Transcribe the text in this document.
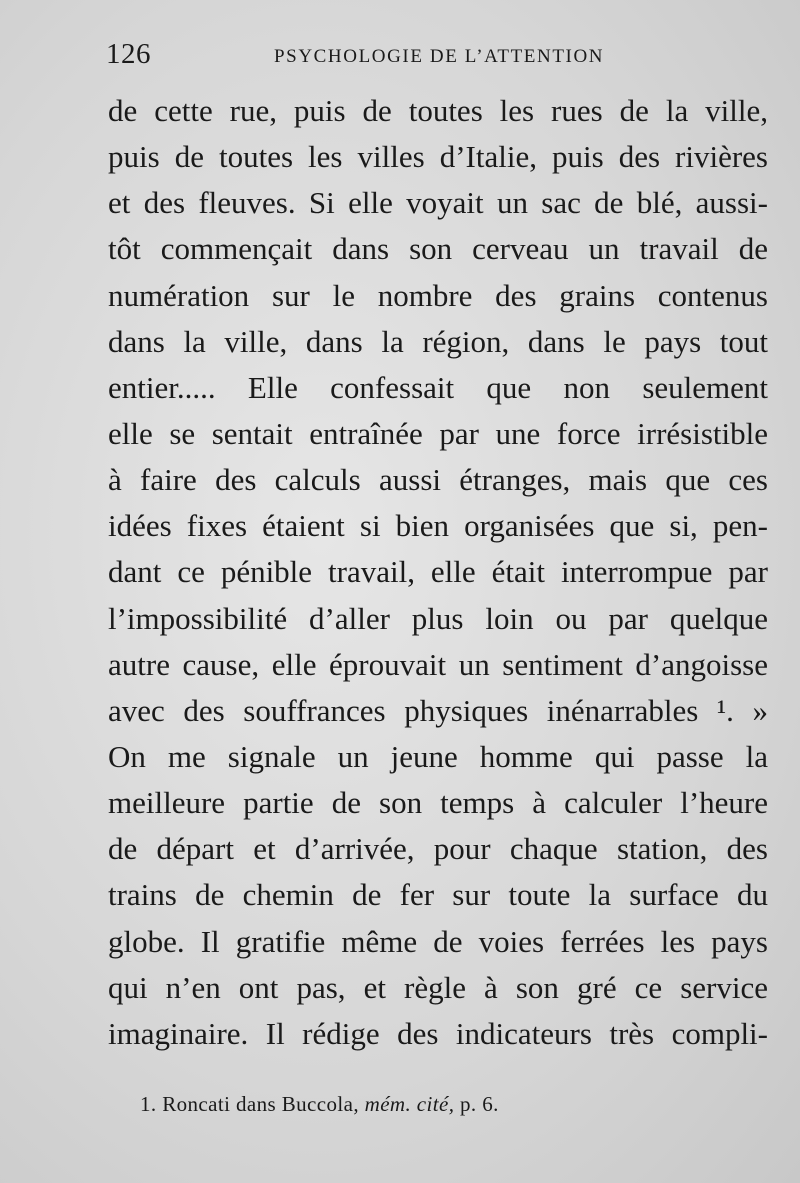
126	PSYCHOLOGIE DE L’ATTENTION
de cette rue, puis de toutes les rues de la ville,
puis de toutes les villes d’Italie, puis des rivières
et des fleuves. Si elle voyait un sac de blé, aussi-
tôt commençait dans son cerveau un travail de
numération sur le nombre des grains contenus
dans la ville, dans la région, dans le pays tout
entier..... Elle confessait que non seulement
elle se sentait entraînée par une force irrésistible
à faire des calculs aussi étranges, mais que ces
idées fixes étaient si bien organisées que si, pen-
dant ce pénible travail, elle était interrompue par
l’impossibilité d’aller plus loin ou par quelque
autre cause, elle éprouvait un sentiment d’angoisse
avec des souffrances physiques inénarrables ¹. »
On me signale un jeune homme qui passe la
meilleure partie de son temps à calculer l’heure
de départ et d’arrivée, pour chaque station, des
trains de chemin de fer sur toute la surface du
globe. Il gratifie même de voies ferrées les pays
qui n’en ont pas, et règle à son gré ce service
imaginaire. Il rédige des indicateurs très compli-
1. Roncati dans Buccola, mém. cité, p. 6.
